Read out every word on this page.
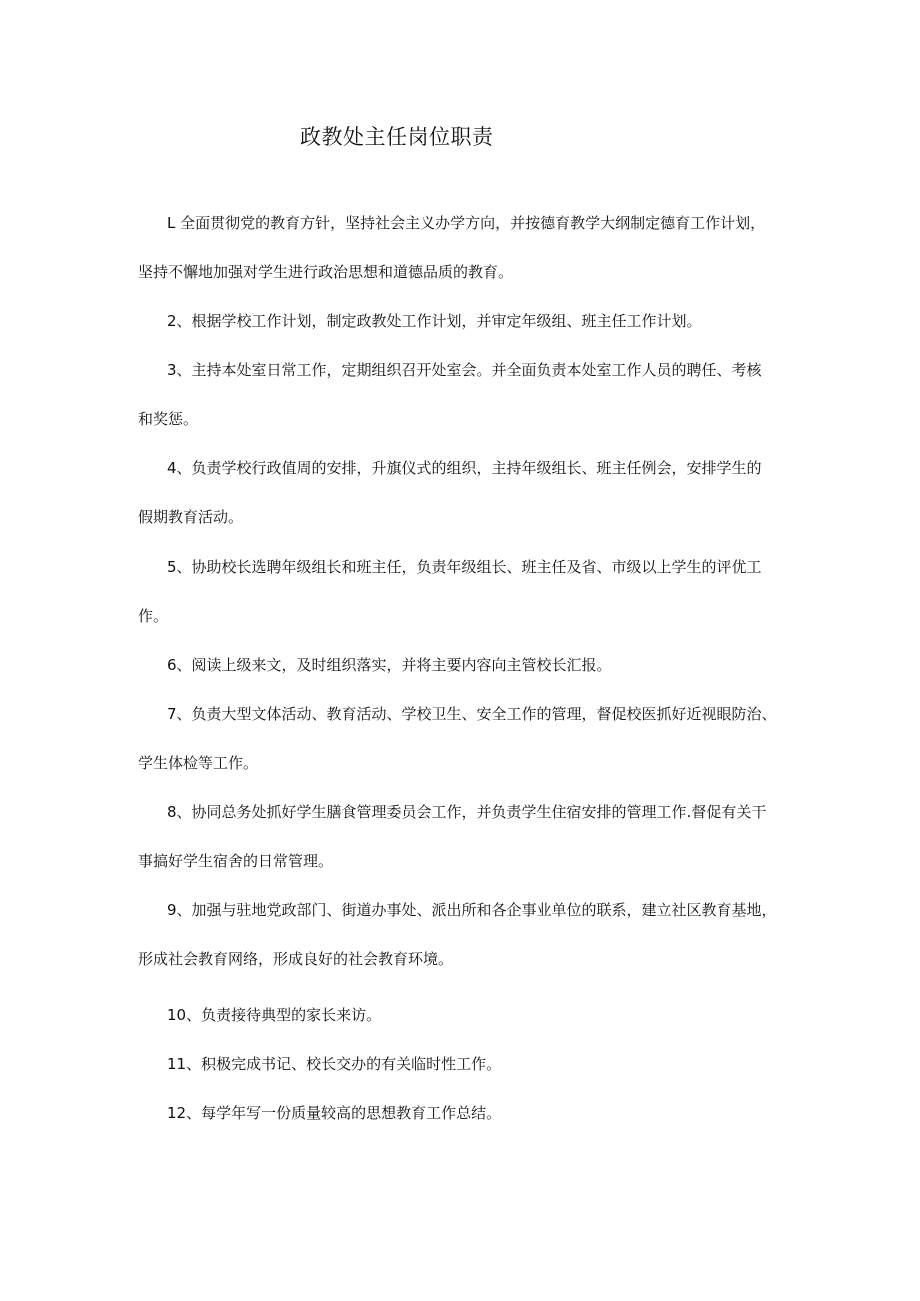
政教处主任岗位职责
L 全面贯彻党的教育方针，坚持社会主义办学方向，并按德育教学大纲制定德育工作计划，
坚持不懈地加强对学生进行政治思想和道德品质的教育。
2、根据学校工作计划，制定政教处工作计划，并审定年级组、班主任工作计划。
3、主持本处室日常工作，定期组织召开处室会。并全面负责本处室工作人员的聘任、考核
和奖惩。
4、负责学校行政值周的安排，升旗仪式的组织，主持年级组长、班主任例会，安排学生的
假期教育活动。
5、协助校长选聘年级组长和班主任，负责年级组长、班主任及省、市级以上学生的评优工
作。
6、阅读上级来文，及时组织落实，并将主要内容向主管校长汇报。
7、负责大型文体活动、教育活动、学校卫生、安全工作的管理，督促校医抓好近视眼防治、
学生体检等工作。
8、协同总务处抓好学生膳食管理委员会工作，并负责学生住宿安排的管理工作.督促有关干
事搞好学生宿舍的日常管理。
9、加强与驻地党政部门、街道办事处、派出所和各企事业单位的联系，建立社区教育基地，
形成社会教育网络，形成良好的社会教育环境。
10、负责接待典型的家长来访。
11、积极完成书记、校长交办的有关临时性工作。
12、每学年写一份质量较高的思想教育工作总结。
